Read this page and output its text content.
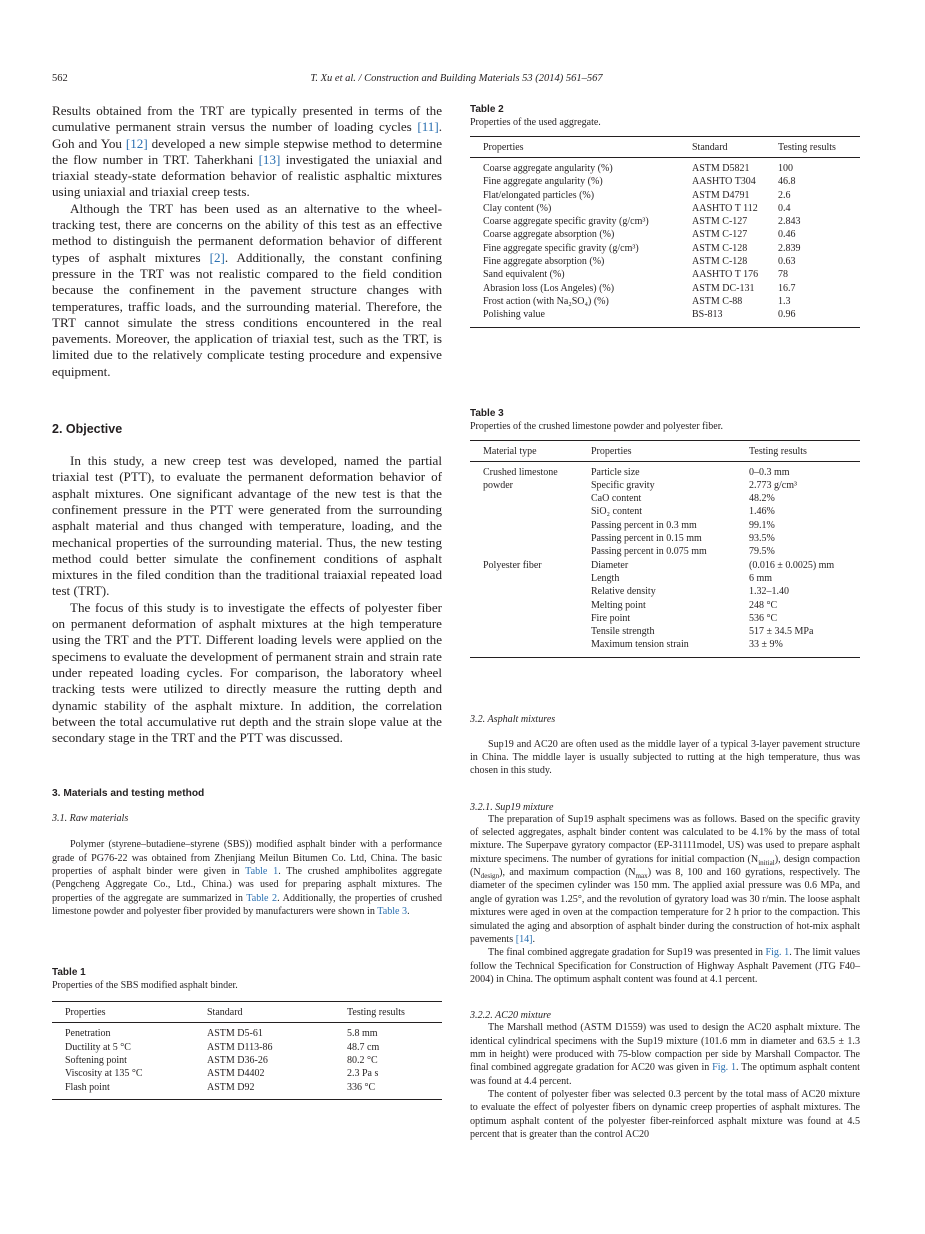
562	T. Xu et al. / Construction and Building Materials 53 (2014) 561–567

Results obtained from the TRT are typically presented in terms of the cumulative permanent strain versus the number of loading cycles [11]. Goh and You [12] developed a new simple stepwise method to determine the flow number in TRT. Taherkhani [13] investigated the uniaxial and triaxial steady-state deformation behavior of realistic asphaltic mixtures using uniaxial and triaxial creep tests.

Although the TRT has been used as an alternative to the wheel-tracking test, there are concerns on the ability of this test as an effective method to distinguish the permanent deformation behavior of different types of asphalt mixtures [2]. Additionally, the constant confining pressure in the TRT was not realistic compared to the field condition because the confinement in the pavement structure changes with temperatures, traffic loads, and the surrounding material. Therefore, the TRT cannot simulate the stress conditions encountered in the real pavements. Moreover, the application of triaxial test, such as the TRT, is limited due to the relatively complicate testing procedure and expensive equipment.

2. Objective

In this study, a new creep test was developed, named the partial triaxial test (PTT), to evaluate the permanent deformation behavior of asphalt mixtures. One significant advantage of the new test is that the confinement pressure in the PTT were generated from the surrounding asphalt material and thus changed with temperature, loading, and the mechanical properties of the surrounding material. Thus, the new testing method could better simulate the confinement conditions of asphalt mixtures in the filed condition than the traditional traiaxial repeated load test (TRT).

The focus of this study is to investigate the effects of polyester fiber on permanent deformation of asphalt mixtures at the high temperature using the TRT and the PTT. Different loading levels were applied on the specimens to evaluate the development of permanent strain and strain rate under repeated loading cycles. For comparison, the laboratory wheel tracking tests were utilized to directly measure the rutting depth and dynamic stability of the asphalt mixture. In addition, the correlation between the total accumulative rut depth and the strain slope value at the secondary stage in the TRT and the PTT was discussed.

3. Materials and testing method

3.1. Raw materials

Polymer (styrene–butadiene–styrene (SBS)) modified asphalt binder with a performance grade of PG76-22 was obtained from Zhenjiang Meilun Bitumen Co. Ltd, China. The basic properties of asphalt binder were given in Table 1. The crushed amphibolites aggregate (Pengcheng Aggregate Co., Ltd., China.) was used for preparing asphalt mixtures. The properties of the aggregate are summarized in Table 2. Additionally, the properties of crushed limestone powder and polyester fiber provided by manufacturers were shown in Table 3.

Table 1
Properties of the SBS modified asphalt binder.
Properties	Standard	Testing results
Penetration	ASTM D5-61	5.8 mm
Ductility at 5 °C	ASTM D113-86	48.7 cm
Softening point	ASTM D36-26	80.2 °C
Viscosity at 135 °C	ASTM D4402	2.3 Pa s
Flash point	ASTM D92	336 °C
Table 2
Properties of the used aggregate.
Properties	Standard	Testing results
Coarse aggregate angularity (%)	ASTM D5821	100
Fine aggregate angularity (%)	AASHTO T304	46.8
Flat/elongated particles (%)	ASTM D4791	2.6
Clay content (%)	AASHTO T 112	0.4
Coarse aggregate specific gravity (g/cm³)	ASTM C-127	2.843
Coarse aggregate absorption (%)	ASTM C-127	0.46
Fine aggregate specific gravity (g/cm³)	ASTM C-128	2.839
Fine aggregate absorption (%)	ASTM C-128	0.63
Sand equivalent (%)	AASHTO T 176	78
Abrasion loss (Los Angeles) (%)	ASTM DC-131	16.7
Frost action (with Na₂SO₄) (%)	ASTM C-88	1.3
Polishing value	BS-813	0.96
Table 3
Properties of the crushed limestone powder and polyester fiber.
Material type	Properties	Testing results
Crushed limestone	Particle size	0–0.3 mm
powder	Specific gravity	2.773 g/cm³
	CaO content	48.2%
	SiO₂ content	1.46%
	Passing percent in 0.3 mm	99.1%
	Passing percent in 0.15 mm	93.5%
	Passing percent in 0.075 mm	79.5%
Polyester fiber	Diameter	(0.016 ± 0.0025) mm
	Length	6 mm
	Relative density	1.32–1.40
	Melting point	248 °C
	Fire point	536 °C
	Tensile strength	517 ± 34.5 MPa
	Maximum tension strain	33 ± 9%

3.2. Asphalt mixtures

Sup19 and AC20 are often used as the middle layer of a typical 3-layer pavement structure in China. The middle layer is usually subjected to rutting at the high temperature, thus was chosen in this study.

3.2.1. Sup19 mixture

The preparation of Sup19 asphalt specimens was as follows. Based on the specific gravity of selected aggregates, asphalt binder content was calculated to be 4.1% by the mass of total mixture. The Superpave gyratory compactor (EP-31111model, US) was used to prepare asphalt mixture specimens. The number of gyrations for initial compaction $(N_{initial})$, design compaction $(N_{design})$, and maximum compaction $(N_{max})$ was 8, 100 and 160 gyrations, respectively. The diameter of the specimen cylinder was 150 mm. The applied axial pressure was 0.6 MPa, and angle of gyration was 1.25°, and the revolution of gyratory load was 30 r/min. The loose asphalt mixtures were aged in oven at the compaction temperature for 2 h prior to the compaction. This simulated the aging and absorption of asphalt binder during the construction of hot-mix asphalt pavements [14].

The final combined aggregate gradation for Sup19 was presented in Fig. 1. The limit values follow the Technical Specification for Construction of Highway Asphalt Pavement (JTG F40–2004) in China. The optimum asphalt content was found at 4.1 percent.

3.2.2. AC20 mixture

The Marshall method (ASTM D1559) was used to design the AC20 asphalt mixture. The identical cylindrical specimens with the Sup19 mixture (101.6 mm in diameter and 63.5 ± 1.3 mm in height) were produced with 75-blow compaction per side by Marshall Compactor. The final combined aggregate gradation for AC20 was given in Fig. 1. The optimum asphalt content was found at 4.4 percent.

The content of polyester fiber was selected 0.3 percent by the total mass of AC20 mixture to evaluate the effect of polyester fibers on dynamic creep properties of asphalt mixtures. The optimum asphalt content of the polyester fiber-reinforced asphalt mixture was found at 4.5 percent that is greater than the control AC20
